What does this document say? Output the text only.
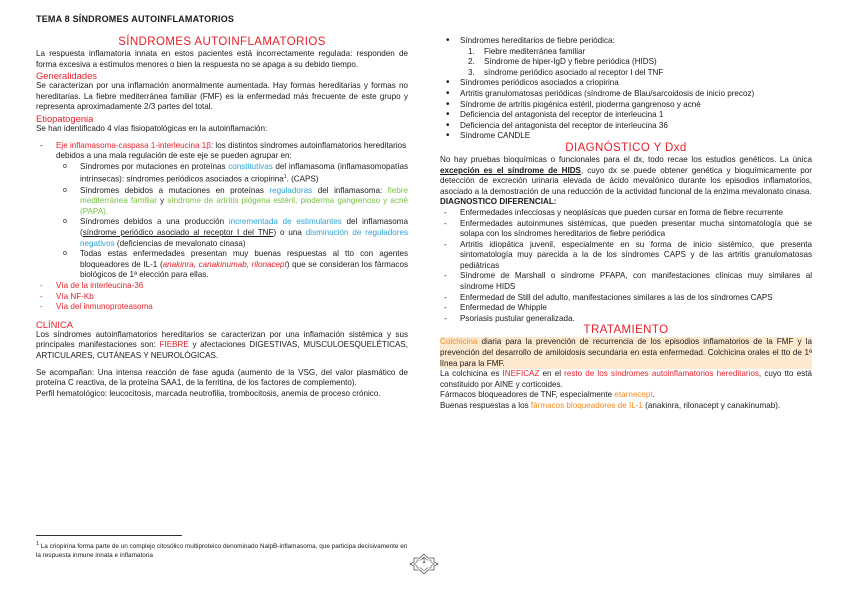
TEMA 8 SÍNDROMES AUTOINFLAMATORIOS
SÍNDROMES AUTOINFLAMATORIOS

La respuesta inflamatoria innata en estos pacientes está incorrectamente regulada: responden de forma excesiva a estímulos menores o bien la respuesta no se apaga a su debido tiempo.

Generalidades

Se caracterizan por una inflamación anormalmente aumentada. Hay formas hereditarias y formas no hereditarias. La fiebre mediterránea familiar (FMF) es la enfermedad más frecuente de este grupo y representa aproximadamente 2/3 partes del total.

Etiopatogenia

Se han identificado 4 vías fisiopatológicas en la autoinflamación:

- Eje inflamasoma-caspasa 1-interleucina 1β: los distintos síndromes autoinflamatorios hereditarios debidos a una mala regulación de este eje se pueden agrupar en:
o Síndromes por mutaciones en proteínas constitutivas del inflamasoma (inflamasomopatías intrínsecas): síndromes periódicos asociados a criopirina$^1$. (CAPS)
o Síndromes debidos a mutaciones en proteínas reguladoras del inflamasoma: fiebre mediterránea familiar y síndrome de artritis piógena estéril, pioderma gangrenoso y acné (PAPA).
o Síndromes debidos a una producción incrementada de estimulantes del inflamasoma (síndrome periódico asociado al receptor I del TNF) o una disminución de reguladores negativos (deficiencias de mevalonato cinasa)
o Todas estas enfermedades presentan muy buenas respuestas al tto con agentes bloqueadores de IL-1 (anakinra, canakinumab, rilonacept) que se consideran los fármacos biológicos de 1ª elección para ellas.
- Vía de la interleucina-36
- Vía NF-Kb
- Vía del inmunoproteasoma
CLÍNICA

Los síndromes autoinflamatorios hereditarios se caracterizan por una inflamación sistémica y sus principales manifestaciones son: FIEBRE y afectaciones DIGESTIVAS, MUSCULOESQUELÉTICAS, ARTICULARES, CUTÁNEAS Y NEUROLÓGICAS.

Se acompañan: Una intensa reacción de fase aguda (aumento de la VSG, del valor plasmático de proteína C reactiva, de la proteína SAA1, de la ferritina, de los factores de complemento).

Perfil hematológico: leucocitosis, marcada neutrofilia, trombocitosis, anemia de proceso crónico.

$^1$ La criopirina forma parte de un complejo citosólico multiproteico denominado NalpB-inflamasoma, que participa decisivamente en la respuesta inmune innata e inflamatoria
• Síndromes hereditarios de fiebre periódica:
1. Fiebre mediterránea familiar
2. Síndrome de hiper-IgD y fiebre periódica (HIDS)
3. síndrome periódico asociado al receptor I del TNF
• Síndromes periódicos asociados a criopirina
• Artritis granulomatosas periódicas (síndrome de Blau/sarcoidosis de inicio precoz)
• Síndrome de artritis piogénica estéril, pioderma gangrenoso y acné
• Deficiencia del antagonista del receptor de interleucina 1
• Deficiencia del antagonista del receptor de interleucina 36
• Síndrome CANDLE
DIAGNÓSTICO Y Dxd

No hay pruebas bioquímicas o funcionales para el dx, todo recae los estudios genéticos. La única excepción es el síndrome de HIDS, cuyo dx se puede obtener genética y bioquímicamente por detección de excreción urinaria elevada de ácido mevalónico durante los episodios inflamatorios, asociado a la demostración de una reducción de la actividad funcional de la enzima mevalonato cinasa.

DIAGNOSTICO DIFERENCIAL:

- Enfermedades infecciosas y neoplásicas que pueden cursar en forma de fiebre recurrente
- Enfermedades autoinmunes sistémicas, que pueden presentar mucha sintomatología que se solapa con los síndromes hereditarios de fiebre periódica
- Artritis idiopática juvenil, especialmente en su forma de inicio sistémico, que presenta sintomatología muy parecida a la de los síndromes CAPS y de las artritis granulomatosas pediátricas
- Síndrome de Marshall o síndrome PFAPA, con manifestaciones clínicas muy similares al síndrome HIDS
- Enfermedad de Still del adulto, manifestaciones similares a las de los síndromes CAPS
- Enfermedad de Whipple
- Psoriasis pustular generalizada.
TRATAMIENTO

Colchicina diaria para la prevención de recurrencia de los episodios inflamatorios de la FMF y la prevención del desarrollo de amiloidosis secundaria en esta enfermedad. Colchicina orales el tto de 1ª línea para la FMF.

La colchicina es INEFICAZ en el resto de los síndromes autoinflamatorios hereditarios, cuyo tto está constituido por AINE y corticoides.

Fármacos bloqueadores de TNF, especialmente etarnecept.

Buenas respuestas a los fármacos bloqueadores de IL-1 (anakinra, rilonacept y canakinumab).

1
